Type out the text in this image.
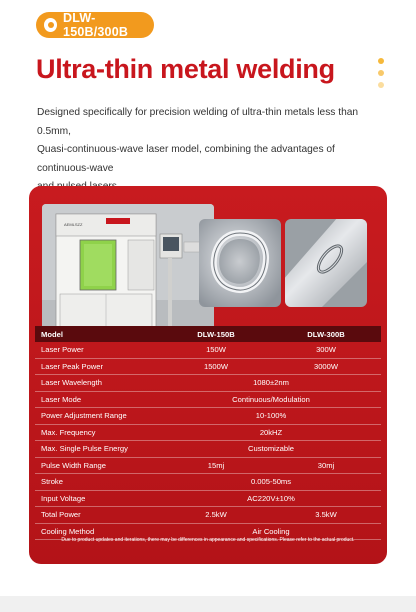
DLW-150B/300B
Ultra-thin metal welding

Designed specifically for precision welding of ultra-thin metals less than 0.5mm,

Quasi-continuous-wave laser model, combining the advantages of continuous-wave

AEMLSZZ
Model	DLW-150B	DLW-300B
Laser Power	150W	300W
Laser Peak Power	1500W	3000W
Laser Wavelength	1080±2nm	
Laser Mode	Continuous/Modulation	
Power Adjustment Range	10-100%	
Max. Frequency	20kHZ	
Max. Single Pulse Energy	Customizable	
Pulse Width Range	15mj	30mj
Stroke	0.005-50ms	
Input Voltage	AC220V±10%	
Total Power	2.5kW	3.5kW
Cooling Method	Air Cooling	
Due to product updates and iterations, there may be differences in appearance and specifications. Please refer to the actual product.
